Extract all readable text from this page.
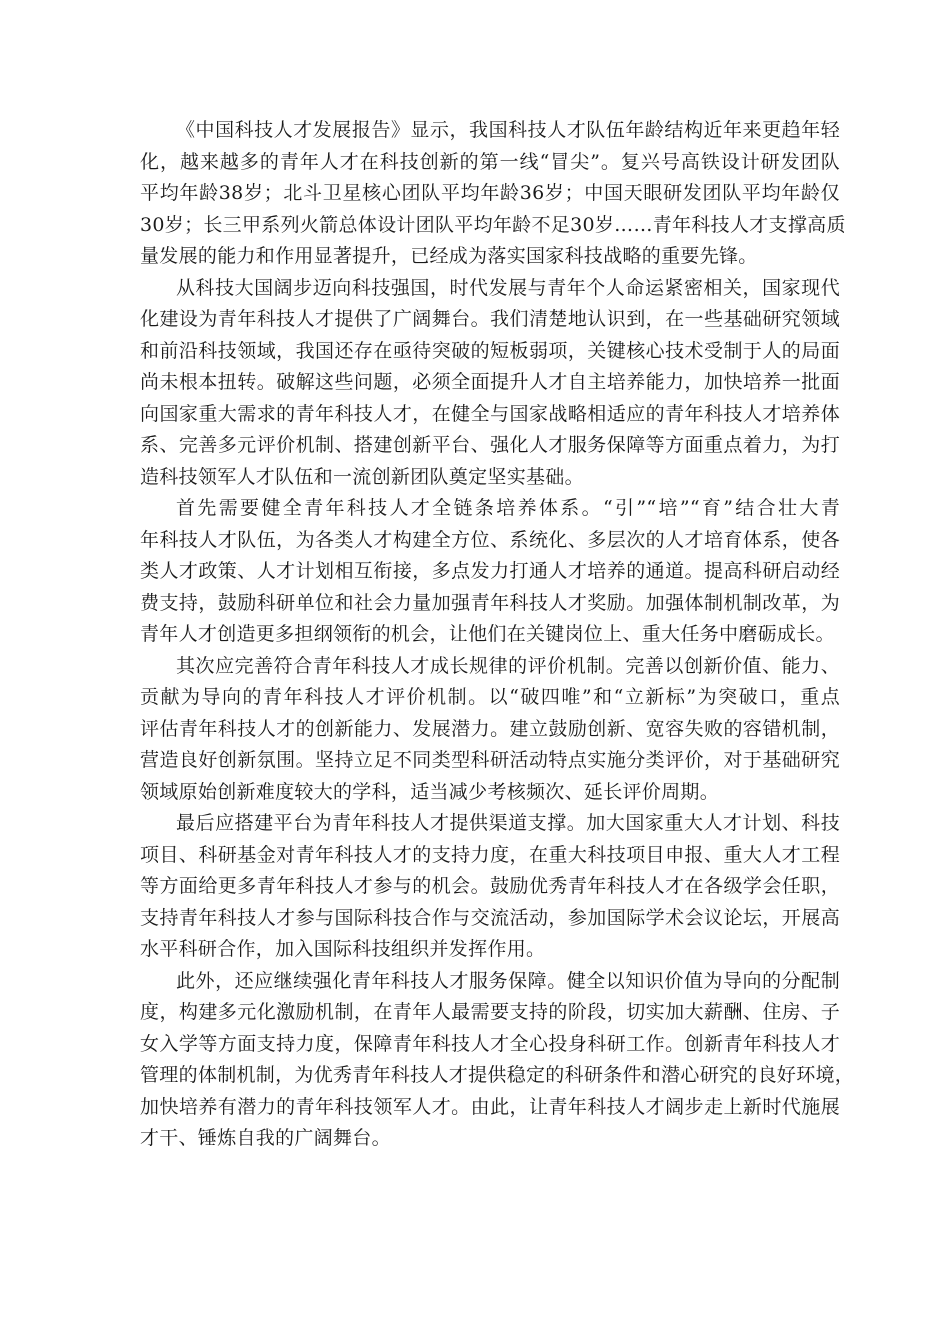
《中国科技人才发展报告》显示，我国科技人才队伍年龄结构近年来更趋年轻
化，越来越多的青年人才在科技创新的第一线“冒尖”。复兴号高铁设计研发团队
平均年龄38岁；北斗卫星核心团队平均年龄36岁；中国天眼研发团队平均年龄仅
30岁；长三甲系列火箭总体设计团队平均年龄不足30岁……青年科技人才支撑高质
量发展的能力和作用显著提升，已经成为落实国家科技战略的重要先锋。
从科技大国阔步迈向科技强国，时代发展与青年个人命运紧密相关，国家现代
化建设为青年科技人才提供了广阔舞台。我们清楚地认识到，在一些基础研究领域
和前沿科技领域，我国还存在亟待突破的短板弱项，关键核心技术受制于人的局面
尚未根本扭转。破解这些问题，必须全面提升人才自主培养能力，加快培养一批面
向国家重大需求的青年科技人才，在健全与国家战略相适应的青年科技人才培养体
系、完善多元评价机制、搭建创新平台、强化人才服务保障等方面重点着力，为打
造科技领军人才队伍和一流创新团队奠定坚实基础。
首先需要健全青年科技人才全链条培养体系。“引”“培”“育”结合壮大青
年科技人才队伍，为各类人才构建全方位、系统化、多层次的人才培育体系，使各
类人才政策、人才计划相互衔接，多点发力打通人才培养的通道。提高科研启动经
费支持，鼓励科研单位和社会力量加强青年科技人才奖励。加强体制机制改革，为
青年人才创造更多担纲领衔的机会，让他们在关键岗位上、重大任务中磨砺成长。
其次应完善符合青年科技人才成长规律的评价机制。完善以创新价值、能力、
贡献为导向的青年科技人才评价机制。以“破四唯”和“立新标”为突破口，重点
评估青年科技人才的创新能力、发展潜力。建立鼓励创新、宽容失败的容错机制，
营造良好创新氛围。坚持立足不同类型科研活动特点实施分类评价，对于基础研究
领域原始创新难度较大的学科，适当减少考核频次、延长评价周期。
最后应搭建平台为青年科技人才提供渠道支撑。加大国家重大人才计划、科技
项目、科研基金对青年科技人才的支持力度，在重大科技项目申报、重大人才工程
等方面给更多青年科技人才参与的机会。鼓励优秀青年科技人才在各级学会任职，
支持青年科技人才参与国际科技合作与交流活动，参加国际学术会议论坛，开展高
水平科研合作，加入国际科技组织并发挥作用。
此外，还应继续强化青年科技人才服务保障。健全以知识价值为导向的分配制
度，构建多元化激励机制，在青年人最需要支持的阶段，切实加大薪酬、住房、子
女入学等方面支持力度，保障青年科技人才全心投身科研工作。创新青年科技人才
管理的体制机制，为优秀青年科技人才提供稳定的科研条件和潜心研究的良好环境，
加快培养有潜力的青年科技领军人才。由此，让青年科技人才阔步走上新时代施展
才干、锤炼自我的广阔舞台。
